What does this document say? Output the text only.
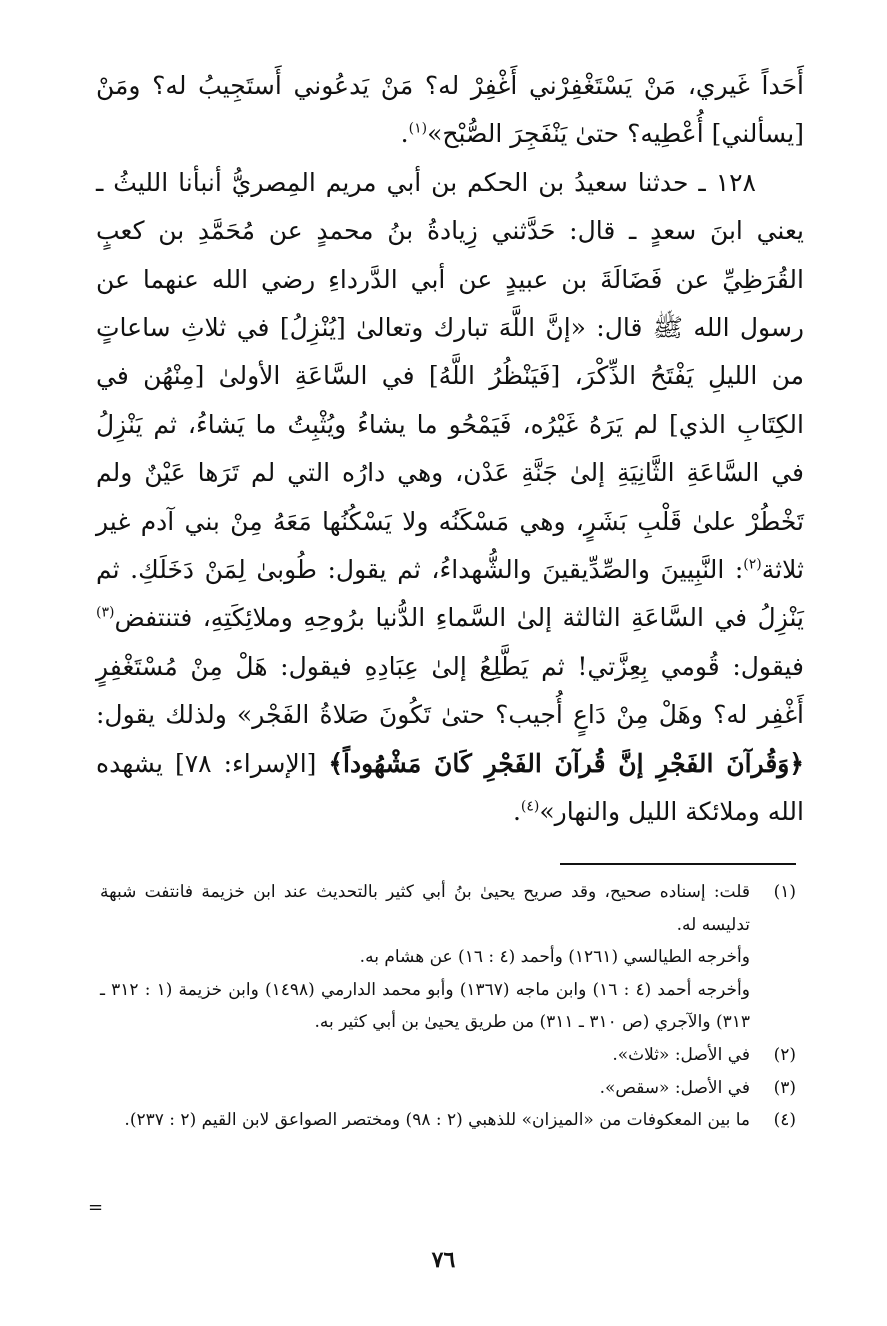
أَحَداً غَيري، مَنْ يَسْتَغْفِرْني أَغْفِرْ له؟ مَنْ يَدعُوني أَستَجِيبُ له؟ ومَنْ [يسألني] أُعْطِيه؟ حتىٰ يَنْفَجِرَ الصُّبْح»$^{(١)}$.

١٢٨ ـ حدثنا سعيدُ بن الحكم بن أبي مريم المِصريُّ أنبأنا الليثُ ـ يعني ابنَ سعدٍ ـ قال: حَدَّثني زِيادةُ بنُ محمدٍ عن مُحَمَّدِ بن كعبٍ القُرَظِيِّ عن فَضَالَةَ بن عبيدٍ عن أبي الدَّرداءِ رضي الله عنهما عن رسول الله ﷺ قال: «إنَّ اللَّهَ تبارك وتعالىٰ [يُنْزِلُ] في ثلاثِ ساعاتٍ من الليلِ يَفْتَحُ الذِّكْرَ، [فَيَنْظُرُ اللَّهُ] في السَّاعَةِ الأولىٰ [مِنْهُن في الكِتَابِ الذي] لم يَرَهُ غَيْرُه، فَيَمْحُو ما يشاءُ ويُثْبِتُ ما يَشاءُ، ثم يَنْزِلُ في السَّاعَةِ الثَّانِيَةِ إلىٰ جَنَّةِ عَدْن، وهي دارُه التي لم تَرَها عَيْنٌ ولم تَخْطُرْ علىٰ قَلْبِ بَشَرٍ، وهي مَسْكَنُه ولا يَسْكُنُها مَعَهُ مِنْ بني آدم غير ثلاثة$^{(٢)}$: النَّبِيينَ والصِّدِّيقينَ والشُّهداءُ، ثم يقول: طُوبىٰ لِمَنْ دَخَلَكِ. ثم يَنْزِلُ في السَّاعَةِ الثالثة إلىٰ السَّماءِ الدُّنيا برُوحِهِ وملائِكَتِهِ، فتنتفض$^{(٣)}$ فيقول: قُومي بِعِزَّتي! ثم يَطَّلِعُ إلىٰ عِبَادِهِ فيقول: هَلْ مِنْ مُسْتَغْفِرٍ أَغْفِر له؟ وهَلْ مِنْ دَاعٍ أُجيب؟ حتىٰ تَكُونَ صَلاةُ الفَجْر» ولذلك يقول: ﴿وَقُرآنَ الفَجْرِ إنَّ قُرآنَ الفَجْرِ كَانَ مَشْهُوداً﴾ [الإسراء: ٧٨] يشهده الله وملائكة الليل والنهار»$^{(٤)}$.

(١)
قلت: إسناده صحيح، وقد صريح يحيىٰ بنُ أبي كثير بالتحديث عند ابن خزيمة فانتفت شبهة تدليسه له.
وأخرجه الطيالسي (١٢٦١) وأحمد (٤ : ١٦) عن هشام به.
وأخرجه أحمد (٤ : ١٦) وابن ماجه (١٣٦٧) وأبو محمد الدارمي (١٤٩٨) وابن خزيمة (١ : ٣١٢ ـ ٣١٣) والآجري (ص ٣١٠ ـ ٣١١) من طريق يحيىٰ بن أبي كثير به.
(٢)
في الأصل: «ثلاث».
(٣)
في الأصل: «سقص».
(٤)
ما بين المعكوفات من «الميزان» للذهبي (٢ : ٩٨) ومختصر الصواعق لابن القيم (٢ : ٢٣٧).
=
٧٦
